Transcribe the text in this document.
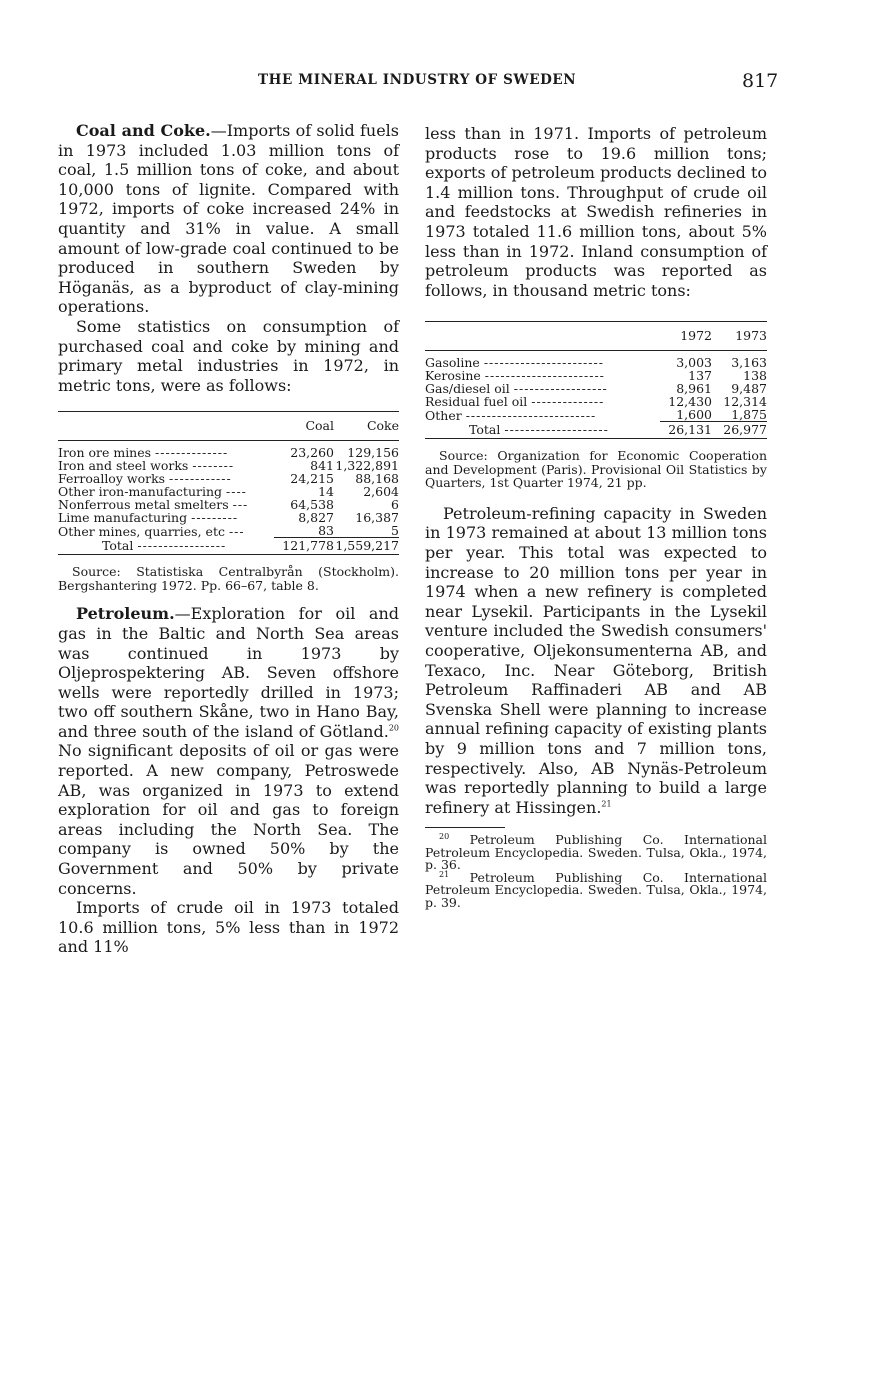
THE MINERAL INDUSTRY OF SWEDEN	817

Coal and Coke.—Imports of solid fuels in 1973 included 1.03 million tons of coal, 1.5 million tons of coke, and about 10,000 tons of lignite. Compared with 1972, imports of coke increased 24% in quantity and 31% in value. A small amount of low-grade coal continued to be produced in southern Sweden by Höganäs, as a byproduct of clay-mining operations.

Some statistics on consumption of purchased coal and coke by mining and primary metal industries in 1972, in metric tons, were as follows:

	Coal	Coke
Iron ore mines --------------	23,260	129,156
Iron and steel works --------	841	1,322,891
Ferroalloy works ------------	24,215	88,168
Other iron-manufacturing ----	14	2,604
Nonferrous metal smelters ---	64,538	6
Lime manufacturing ---------	8,827	16,387
Other mines, quarries, etc ---	83	5
Total -----------------	121,778	1,559,217

Source: Statistiska Centralbyrån (Stockholm). Bergshantering 1972. Pp. 66–67, table 8.

Petroleum.—Exploration for oil and gas in the Baltic and North Sea areas was continued in 1973 by Oljeprospektering AB. Seven offshore wells were reportedly drilled in 1973; two off southern Skåne, two in Hano Bay, and three south of the island of Götland.$^{20}$ No significant deposits of oil or gas were reported. A new company, Petroswede AB, was organized in 1973 to extend exploration for oil and gas to foreign areas including the North Sea. The company is owned 50% by the Government and 50% by private concerns.

Imports of crude oil in 1973 totaled 10.6 million tons, 5% less than in 1972 and 11%

less than in 1971. Imports of petroleum products rose to 19.6 million tons; exports of petroleum products declined to 1.4 million tons. Throughput of crude oil and feedstocks at Swedish refineries in 1973 totaled 11.6 million tons, about 5% less than in 1972. Inland consumption of petroleum products was reported as follows, in thousand metric tons:

	1972	1973
Gasoline -----------------------	3,003	3,163
Kerosine -----------------------	137	138
Gas/diesel oil ------------------	8,961	9,487
Residual fuel oil --------------	12,430	12,314
Other -------------------------	1,600	1,875
Total --------------------	26,131	26,977

Source: Organization for Economic Cooperation and Development (Paris). Provisional Oil Statistics by Quarters, 1st Quarter 1974, 21 pp.

Petroleum-refining capacity in Sweden in 1973 remained at about 13 million tons per year. This total was expected to increase to 20 million tons per year in 1974 when a new refinery is completed near Lysekil. Participants in the Lysekil venture included the Swedish consumers' cooperative, Oljekonsumenterna AB, and Texaco, Inc. Near Göteborg, British Petroleum Raffinaderi AB and AB Svenska Shell were planning to increase annual refining capacity of existing plants by 9 million tons and 7 million tons, respectively. Also, AB Nynäs-Petroleum was reportedly planning to build a large refinery at Hissingen.$^{21}$

$^{20}$ Petroleum Publishing Co. International Petroleum Encyclopedia. Sweden. Tulsa, Okla., 1974, p. 36.

$^{21}$ Petroleum Publishing Co. International Petroleum Encyclopedia. Sweden. Tulsa, Okla., 1974, p. 39.
